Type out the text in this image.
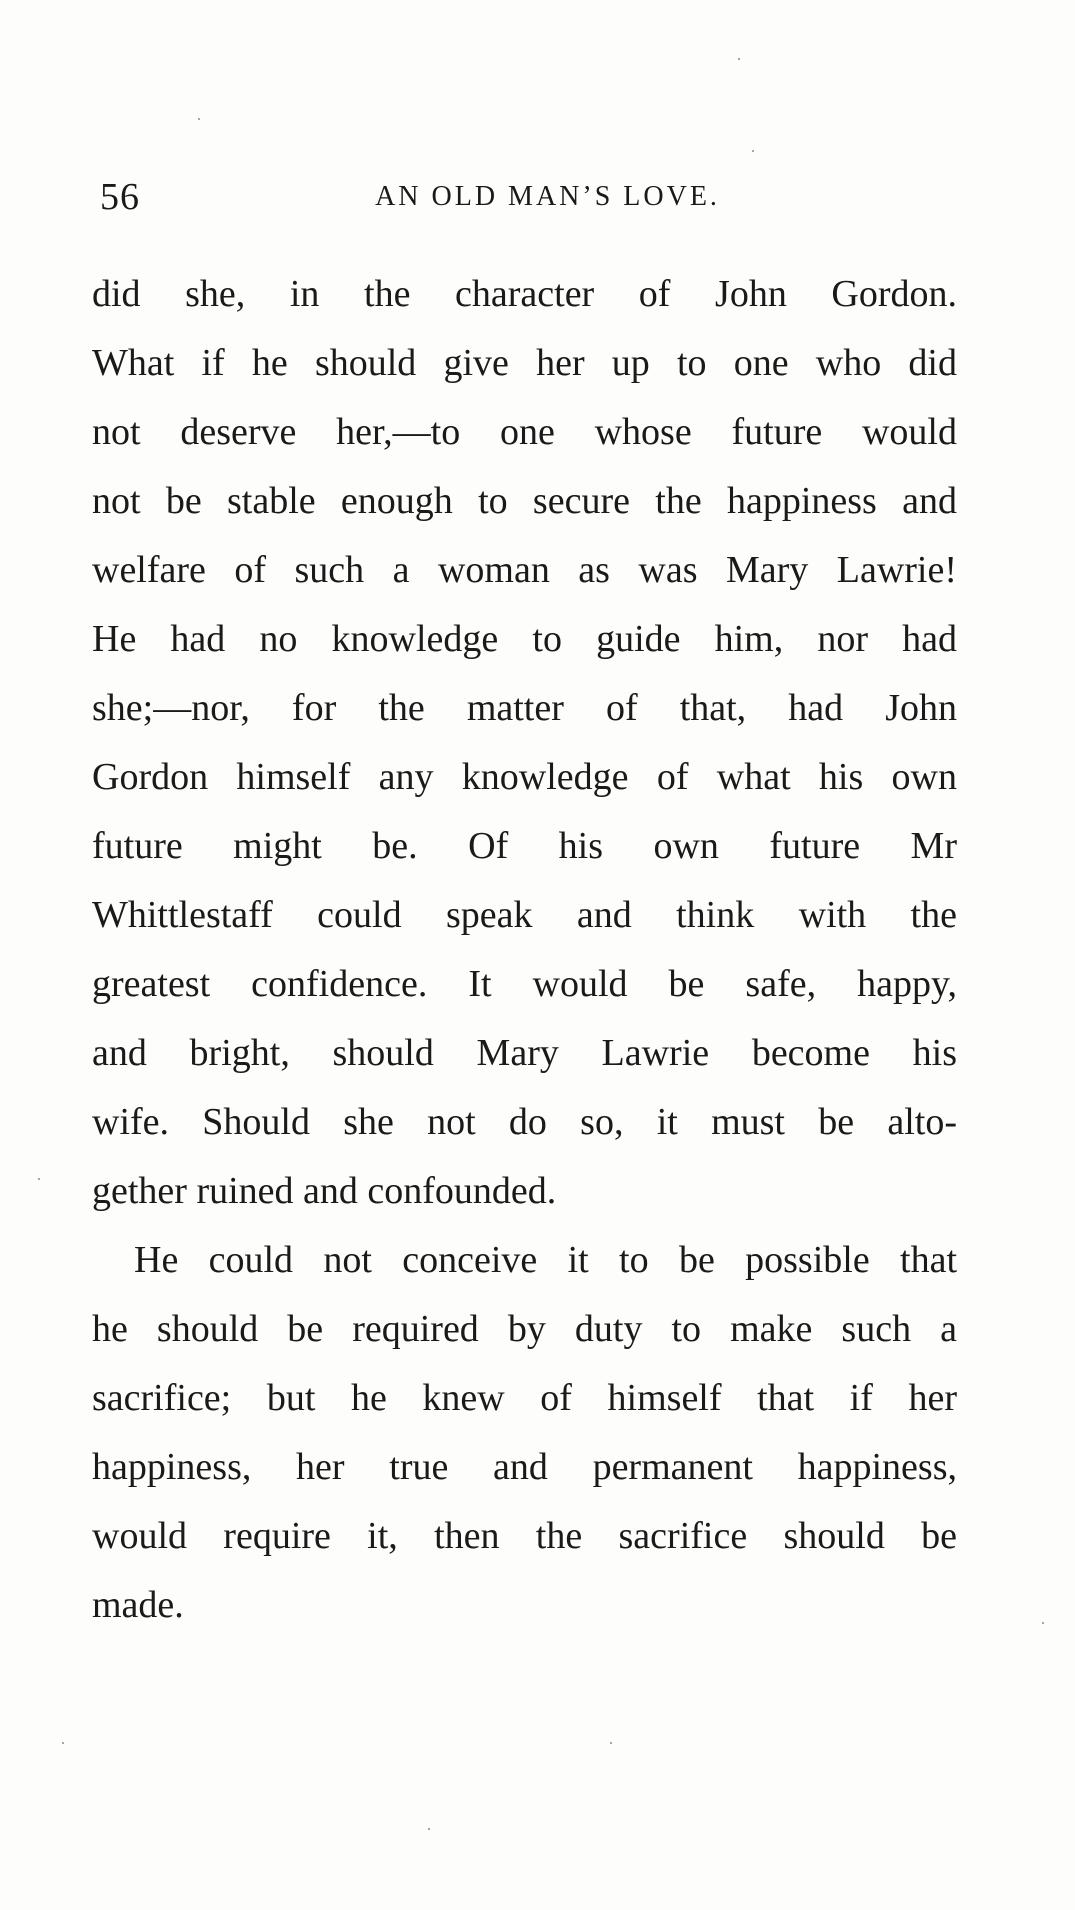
56	AN OLD MAN’S LOVE.
did she, in the character of John Gordon.
What if he should give her up to one who did
not deserve her,—to one whose future would
not be stable enough to secure the happiness and
welfare of such a woman as was Mary Lawrie!
He had no knowledge to guide him, nor had
she;—nor, for the matter of that, had John
Gordon himself any knowledge of what his own
future might be. Of his own future Mr
Whittlestaff could speak and think with the
greatest confidence. It would be safe, happy,
and bright, should Mary Lawrie become his
wife. Should she not do so, it must be alto-
gether ruined and confounded.
He could not conceive it to be possible that
he should be required by duty to make such a
sacrifice; but he knew of himself that if her
happiness, her true and permanent happiness,
would require it, then the sacrifice should be
made.
